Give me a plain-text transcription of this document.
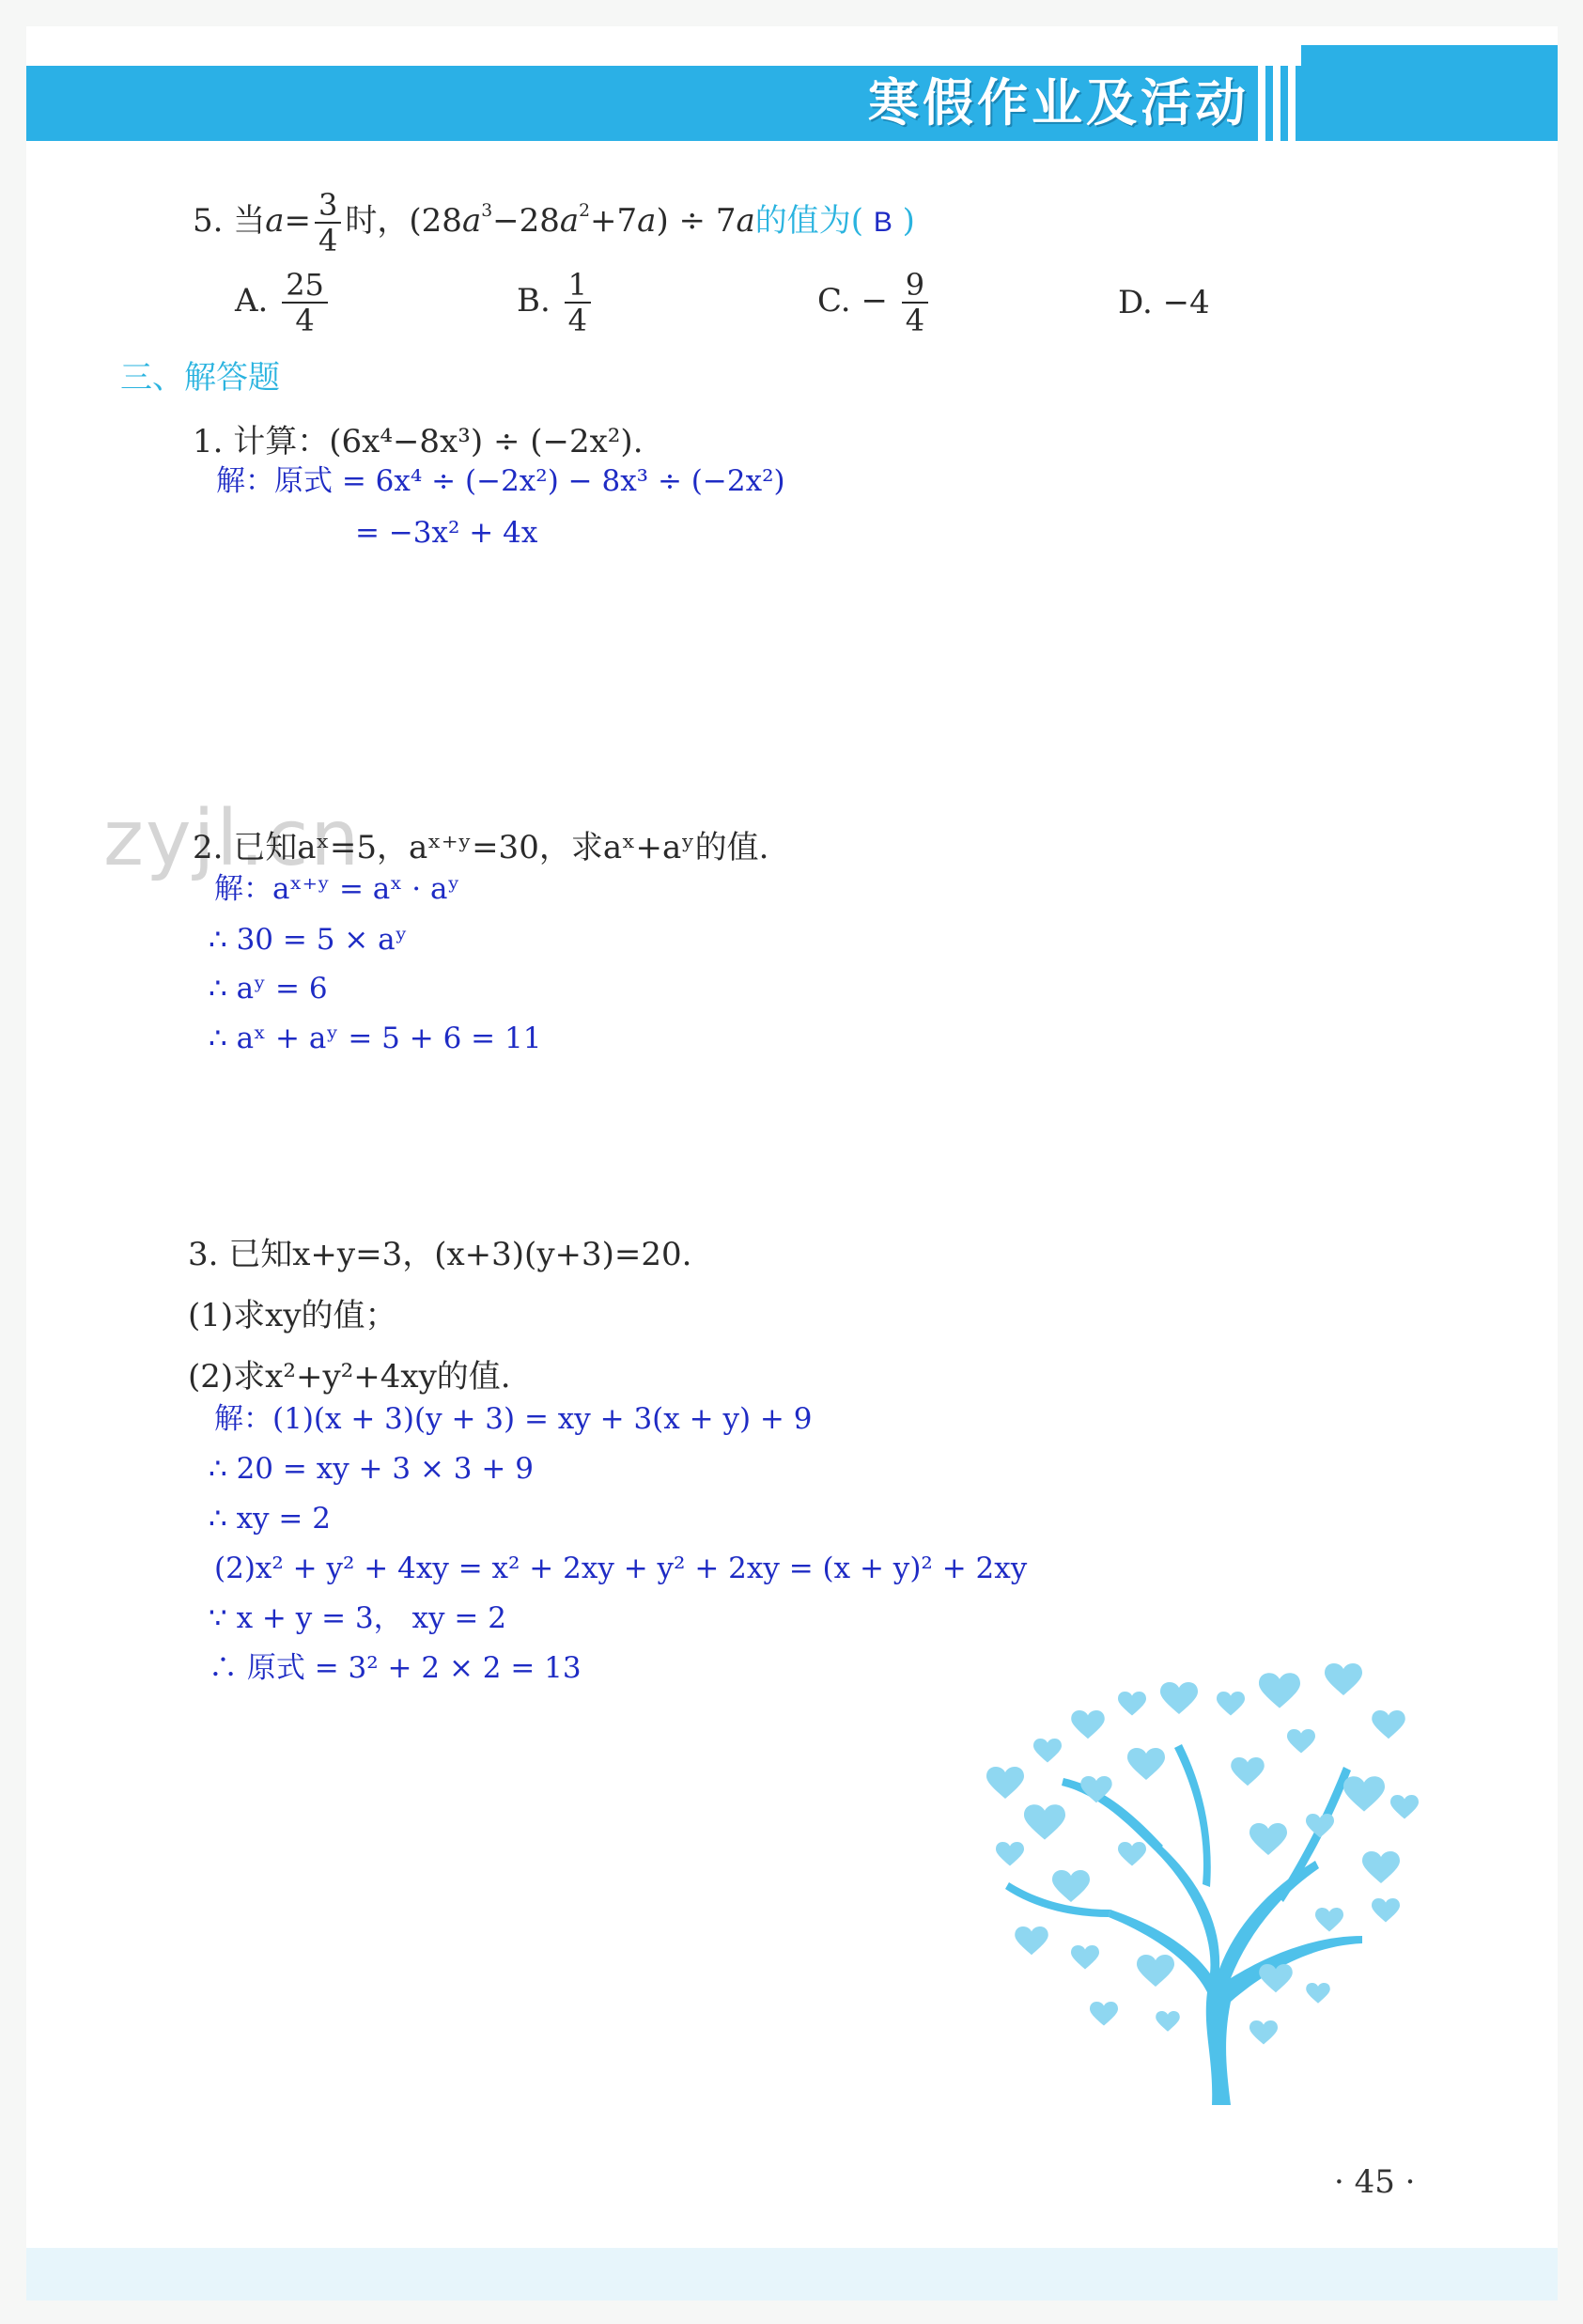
寒假作业及活动
5. 当$a= \frac{3}{4}$ 时，$(28a^3-28a^2+7a) \div 7a$的值为( B )
A. $\frac{25}{4}$	B. $\frac{1}{4}$	C. − $\frac{9}{4}$	D. −4
三、解答题
1. 计算：(6x⁴−8x³) ÷ (−2x²).
解：原式 = 6x⁴ ÷ (−2x²) − 8x³ ÷ (−2x²)
= −3x² + 4x
zyjl.cn
2. 已知aˣ=5，aˣ⁺ʸ=30，求aˣ+aʸ的值.
解：aˣ⁺ʸ = aˣ · aʸ
∴ 30 = 5 × aʸ
∴ aʸ = 6
∴ aˣ + aʸ = 5 + 6 = 11
3. 已知x+y=3，(x+3)(y+3)=20.
(1)求xy的值；
(2)求x²+y²+4xy的值.
解：(1)(x + 3)(y + 3) = xy + 3(x + y) + 9
∴ 20 = xy + 3 × 3 + 9
∴ xy = 2
(2)x² + y² + 4xy = x² + 2xy + y² + 2xy = (x + y)² + 2xy
∵ x + y = 3， xy = 2
∴ 原式 = 3² + 2 × 2 = 13
· 45 ·
